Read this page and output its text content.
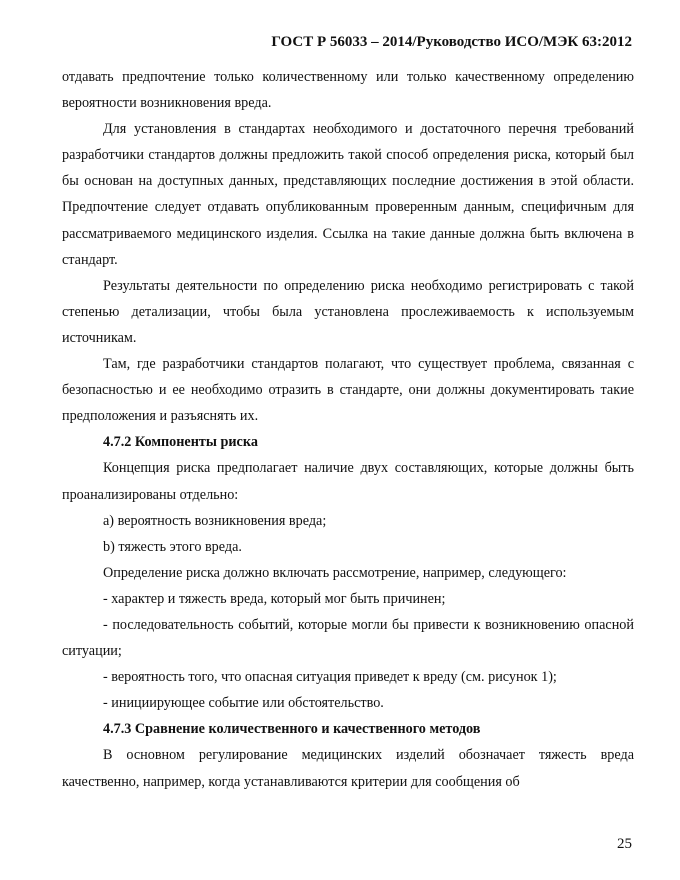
ГОСТ Р 56033 – 2014/Руководство ИСО/МЭК 63:2012

отдавать предпочтение только количественному или только качественному определению вероятности возникновения вреда.

Для установления в стандартах необходимого и достаточного перечня требований разработчики стандартов должны предложить такой способ определения риска, который был бы основан на доступных данных, представляющих последние достижения в этой области. Предпочтение следует отдавать опубликованным проверенным данным, специфичным для рассматриваемого медицинского изделия. Ссылка на такие данные должна быть включена в стандарт.

Результаты деятельности по определению риска необходимо регистрировать с такой степенью детализации, чтобы была установлена прослеживаемость к используемым источникам.

Там, где разработчики стандартов полагают, что существует проблема, связанная с безопасностью и ее необходимо отразить в стандарте, они должны документировать такие предположения и разъяснять их.

4.7.2 Компоненты риска

Концепция риска предполагает наличие двух составляющих, которые должны быть проанализированы отдельно:

a) вероятность возникновения вреда;

b) тяжесть этого вреда.

Определение риска должно включать рассмотрение, например, следующего:

- характер и тяжесть вреда, который мог быть причинен;

- последовательность событий, которые могли бы привести к возникновению опасной ситуации;

- вероятность того, что опасная ситуация приведет к вреду (см. рисунок 1);

- инициирующее событие или обстоятельство.

4.7.3 Сравнение количественного и качественного методов

В основном регулирование медицинских изделий обозначает тяжесть вреда качественно, например, когда устанавливаются критерии для сообщения об

25
